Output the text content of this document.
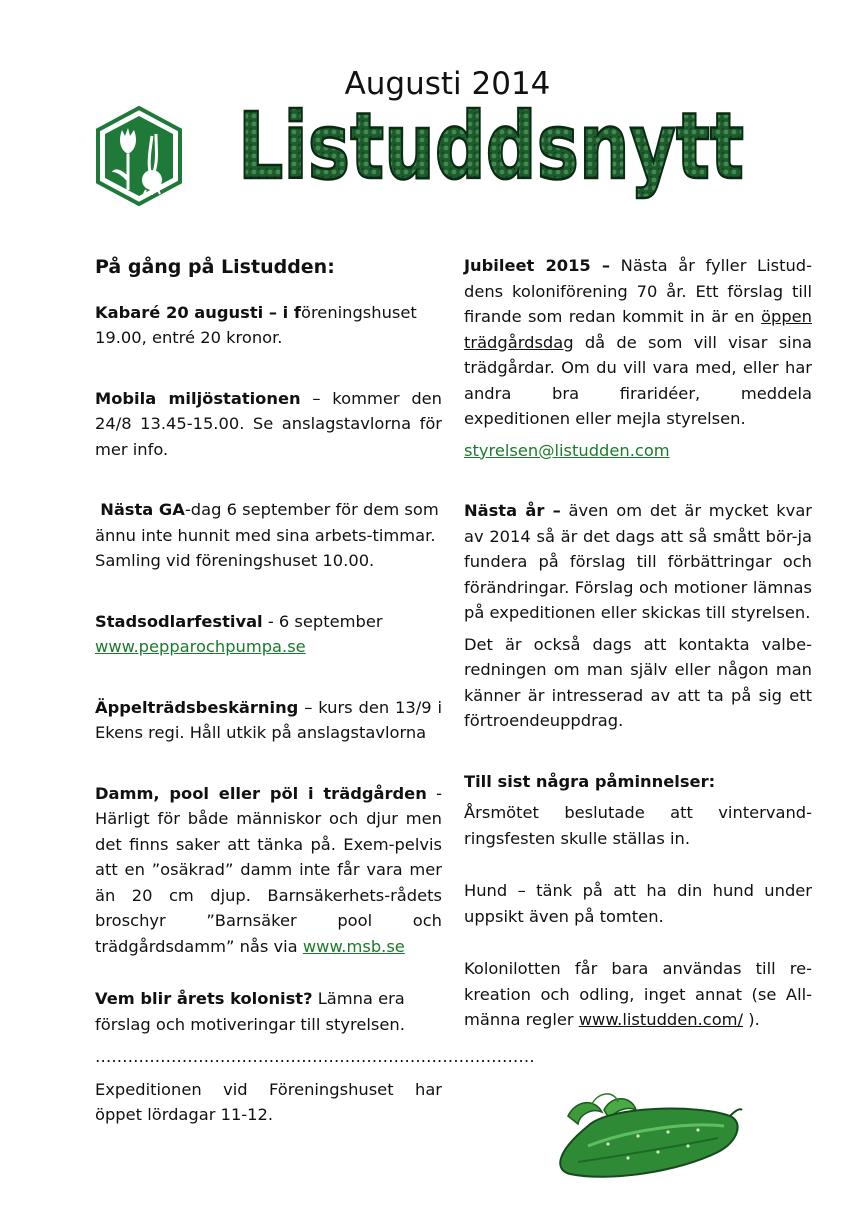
Augusti 2014
Listuddsnytt

På gång på Listudden:

Kabaré 20 augusti – i föreningshuset 19.00, entré 20 kronor.

Mobila miljöstationen – kommer den 24/8 13.45-15.00. Se anslagstavlorna för mer info.

Nästa GA-dag 6 september för dem som ännu inte hunnit med sina arbets-timmar. Samling vid föreningshuset 10.00.

Stadsodlarfestival - 6 september
www.pepparochpumpa.se

Äppelträdsbeskärning – kurs den 13/9 i Ekens regi. Håll utkik på anslagstavlorna

Damm, pool eller pöl i trädgården - Härligt för både människor och djur men det finns saker att tänka på. Exem-pelvis att en ”osäkrad” damm inte får vara mer än 20 cm djup. Barnsäkerhets-rådets broschyr ”Barnsäker pool och trädgårdsdamm” nås via www.msb.se

Vem blir årets kolonist? Lämna era förslag och motiveringar till styrelsen.

………………………………………………………………………

Expeditionen vid Föreningshuset har öppet lördagar 11-12.

Jubileet 2015 – Nästa år fyller Listud-dens koloniförening 70 år. Ett förslag till firande som redan kommit in är en öppen trädgårdsdag då de som vill visar sina trädgårdar. Om du vill vara med, eller har andra bra firaridéer, meddela expeditionen eller mejla styrelsen.

styrelsen@listudden.com

Nästa år – även om det är mycket kvar av 2014 så är det dags att så smått bör-ja fundera på förslag till förbättringar och förändringar. Förslag och motioner lämnas på expeditionen eller skickas till styrelsen.

Det är också dags att kontakta valbe-redningen om man själv eller någon man känner är intresserad av att ta på sig ett förtroendeuppdrag.

Till sist några påminnelser:

Årsmötet beslutade att vintervand-ringsfesten skulle ställas in.

Hund – tänk på att ha din hund under uppsikt även på tomten.

Kolonilotten får bara användas till re-kreation och odling, inget annat (se All-männa regler www.listudden.com/ ).
